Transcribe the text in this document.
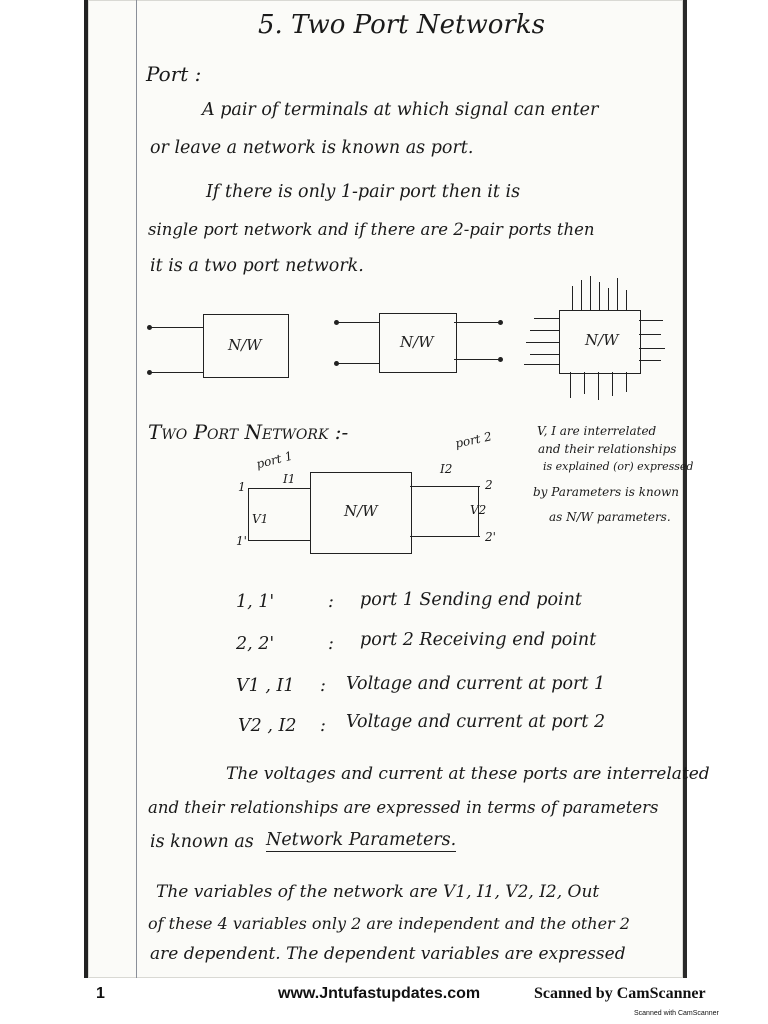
5. Two Port Networks
Port :
A pair of terminals at which signal can enter
or leave a network is known as port.
If there is only 1-pair port then it is
single port network and if there are 2-pair ports then
it is a two port network.
N/W	N/W	N/W
Two Port Network :-	V, I are interrelated
and their relationships
is explained (or) expressed
by Parameters is known
as N/W parameters.
N/W
port 1
port 2
I1
I2
V1
V2
1
1'
2
2'
1, 1'	: port 1 Sending end point
2, 2'	: port 2 Receiving end point
V1 , I1 : Voltage and current at port 1
V2 , I2 : Voltage and current at port 2
The voltages and current at these ports are interrelated
and their relationships are expressed in terms of parameters
is known as Network Parameters.
The variables of the network are V1, I1, V2, I2, Out
of these 4 variables only 2 are independent and the other 2
are dependent. The dependent variables are expressed
1	www.Jntufastupdates.com	Scanned by CamScanner
Scanned with CamScanner
